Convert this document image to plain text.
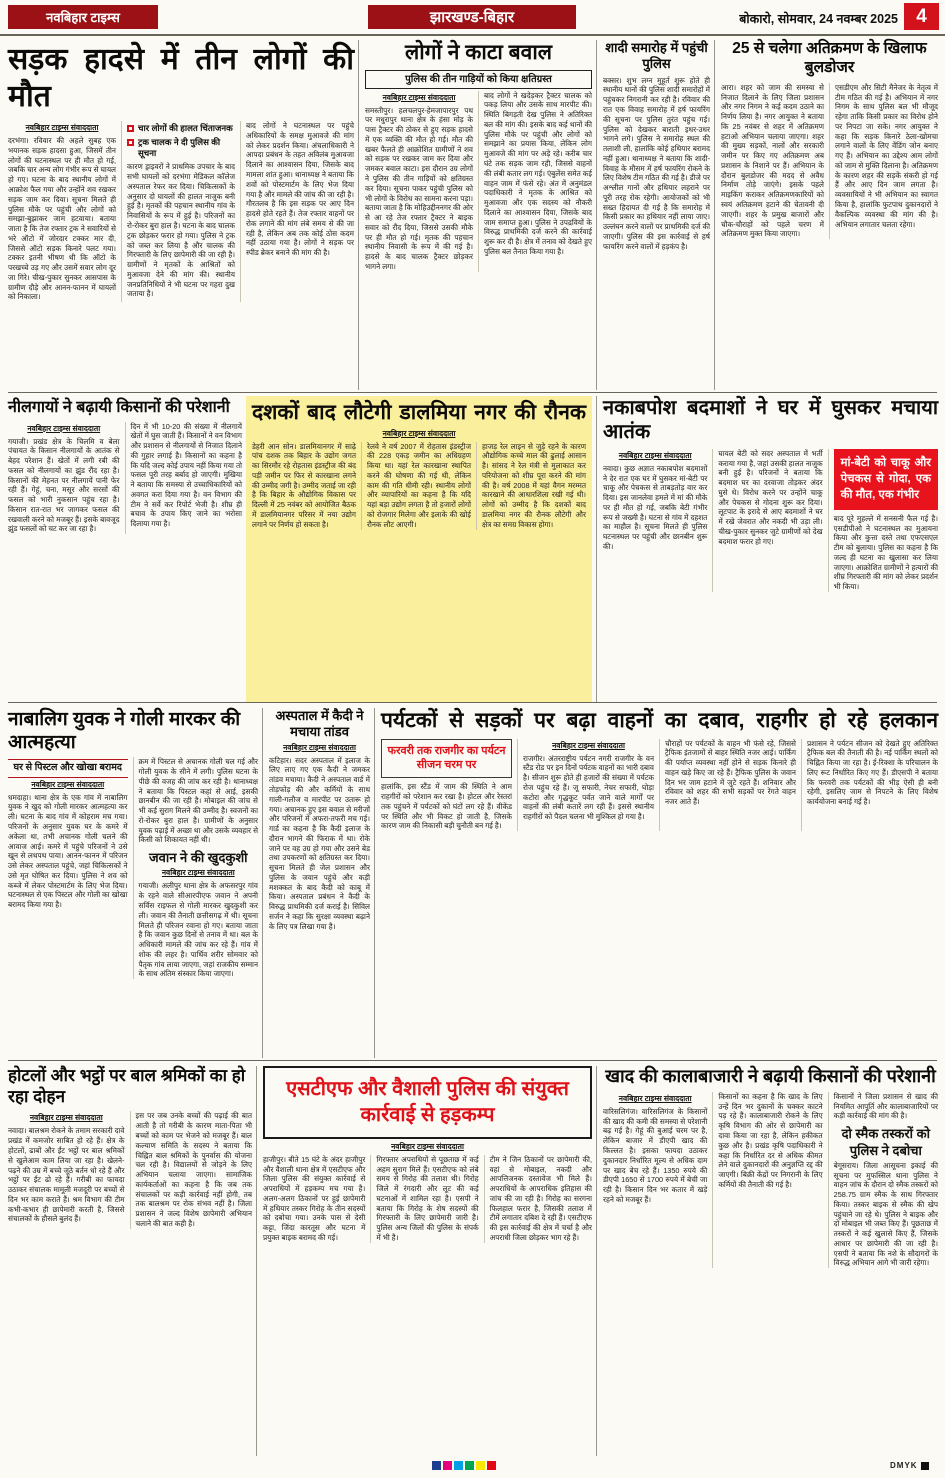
नवबिहार टाइम्स	झारखण्ड-बिहार	बोकारो, सोमवार, 24 नवम्बर 2025 4
सड़क हादसे में तीन लोगों की मौत
नवबिहार टाइम्स संवाददाता

दरभंगा। रविवार की अहले सुबह एक भयानक सड़क हादसा हुआ, जिसमें तीन लोगों की घटनास्थल पर ही मौत हो गई, जबकि चार अन्य लोग गंभीर रूप से घायल हो गए। घटना के बाद स्थानीय लोगों में आक्रोश फैल गया और उन्होंने शव रखकर सड़क जाम कर दिया। सूचना मिलते ही पुलिस मौके पर पहुंची और लोगों को समझा-बुझाकर जाम हटवाया। बताया जाता है कि तेज रफ्तार ट्रक ने सवारियों से भरे ऑटो में जोरदार टक्कर मार दी, जिससे ऑटो सड़क किनारे पलट गया। टक्कर इतनी भीषण थी कि ऑटो के परखच्चे उड़ गए और उसमें सवार लोग दूर जा गिरे। चीख-पुकार सुनकर आसपास के ग्रामीण दौड़े और आनन-फानन में घायलों को निकाला।

चार लोगों की हालत चिंताजनक
ट्रक चालक ने दी पुलिस की सूचना

कारण ड्राइवरों ने प्राथमिक उपचार के बाद सभी घायलों को दरभंगा मेडिकल कॉलेज अस्पताल रेफर कर दिया। चिकित्सकों के अनुसार दो घायलों की हालत नाजुक बनी हुई है। मृतकों की पहचान स्थानीय गांव के निवासियों के रूप में हुई है। परिजनों का रो-रोकर बुरा हाल है। घटना के बाद चालक ट्रक छोड़कर फरार हो गया। पुलिस ने ट्रक को जब्त कर लिया है और चालक की गिरफ्तारी के लिए छापेमारी की जा रही है। ग्रामीणों ने मृतकों के आश्रितों को मुआवजा देने की मांग की। स्थानीय जनप्रतिनिधियों ने भी घटना पर गहरा दुख जताया है।

बाद लोगों ने घटनास्थल पर पहुंचे अधिकारियों के समक्ष मुआवजे की मांग को लेकर प्रदर्शन किया। अंचलाधिकारी ने आपदा प्रबंधन के तहत अविलंब मुआवजा दिलाने का आश्वासन दिया, जिसके बाद मामला शांत हुआ। थानाध्यक्ष ने बताया कि शवों को पोस्टमार्टम के लिए भेज दिया गया है और मामले की जांच की जा रही है। गौरतलब है कि इस सड़क पर आए दिन हादसे होते रहते हैं। तेज रफ्तार वाहनों पर रोक लगाने की मांग लंबे समय से की जा रही है, लेकिन अब तक कोई ठोस कदम नहीं उठाया गया है। लोगों ने सड़क पर स्पीड ब्रेकर बनाने की मांग की है।

लोगों ने काटा बवाल
पुलिस की तीन गाड़ियों को किया क्षतिग्रस्त
नवबिहार टाइम्स संवाददाता

समस्तीपुर। हलचलपुर-हेमजापारपुर पथ पर मधुरापुर थाना क्षेत्र के हंसा मोड़ के पास ट्रैक्टर की ठोकर से हुए सड़क हादसे में एक व्यक्ति की मौत हो गई। मौत की खबर फैलते ही आक्रोशित ग्रामीणों ने शव को सड़क पर रखकर जाम कर दिया और जमकर बवाल काटा। इस दौरान उग्र लोगों ने पुलिस की तीन गाड़ियों को क्षतिग्रस्त कर दिया। सूचना पाकर पहुंची पुलिस को भी लोगों के विरोध का सामना करना पड़ा। बताया जाता है कि मोहिउद्दीननगर की ओर से आ रहे तेज रफ्तार ट्रैक्टर ने बाइक सवार को रौंद दिया, जिससे उसकी मौके पर ही मौत हो गई। मृतक की पहचान स्थानीय निवासी के रूप में की गई है। हादसे के बाद चालक ट्रैक्टर छोड़कर भागने लगा।

बाद लोगों ने खदेड़कर ट्रैक्टर चालक को पकड़ लिया और उसके साथ मारपीट की। स्थिति बिगड़ती देख पुलिस ने अतिरिक्त बल की मांग की। इसके बाद कई थानों की पुलिस मौके पर पहुंची और लोगों को समझाने का प्रयास किया, लेकिन लोग मुआवजे की मांग पर अड़े रहे। करीब चार घंटे तक सड़क जाम रही, जिससे वाहनों की लंबी कतार लग गई। एंबुलेंस समेत कई वाहन जाम में फंसे रहे। अंत में अनुमंडल पदाधिकारी ने मृतक के आश्रित को मुआवजा और एक सदस्य को नौकरी दिलाने का आश्वासन दिया, जिसके बाद जाम समाप्त हुआ। पुलिस ने उपद्रवियों के विरुद्ध प्राथमिकी दर्ज करने की कार्रवाई शुरू कर दी है। क्षेत्र में तनाव को देखते हुए पुलिस बल तैनात किया गया है।

शादी समारोह में पहुंची पुलिस

बक्सर। शुभ लग्न मुहूर्त शुरू होते ही स्थानीय थानों की पुलिस शादी समारोहों में पहुंचकर निगरानी कर रही है। रविवार की रात एक विवाह समारोह में हर्ष फायरिंग की सूचना पर पुलिस तुरंत पहुंच गई। पुलिस को देखकर बाराती इधर-उधर भागने लगे। पुलिस ने समारोह स्थल की तलाशी ली, हालांकि कोई हथियार बरामद नहीं हुआ। थानाध्यक्ष ने बताया कि शादी-विवाह के मौसम में हर्ष फायरिंग रोकने के लिए विशेष टीम गठित की गई है। डीजे पर अश्लील गानों और हथियार लहराने पर पूरी तरह रोक रहेगी। आयोजकों को भी सख्त हिदायत दी गई है कि समारोह में किसी प्रकार का हथियार नहीं लाया जाए। उल्लंघन करने वालों पर प्राथमिकी दर्ज की जाएगी। पुलिस की इस कार्रवाई से हर्ष फायरिंग करने वालों में हड़कंप है।

25 से चलेगा अतिक्रमण के खिलाफ बुलडोजर

आरा। शहर को जाम की समस्या से निजात दिलाने के लिए जिला प्रशासन और नगर निगम ने कई कदम उठाने का निर्णय लिया है। नगर आयुक्त ने बताया कि 25 नवंबर से शहर में अतिक्रमण हटाओ अभियान चलाया जाएगा। शहर की मुख्य सड़कों, नालों और सरकारी जमीन पर किए गए अतिक्रमण अब प्रशासन के निशाने पर हैं। अभियान के दौरान बुलडोजर की मदद से अवैध निर्माण तोड़े जाएंगे। इसके पहले माइकिंग कराकर अतिक्रमणकारियों को स्वयं अतिक्रमण हटाने की चेतावनी दी जाएगी। शहर के प्रमुख बाजारों और चौक-चौराहों को पहले चरण में अतिक्रमण मुक्त किया जाएगा।

एसडीएम और सिटी मैनेजर के नेतृत्व में टीम गठित की गई है। अभियान में नगर निगम के साथ पुलिस बल भी मौजूद रहेगा ताकि किसी प्रकार का विरोध होने पर निपटा जा सके। नगर आयुक्त ने कहा कि सड़क किनारे ठेला-खोमचा लगाने वालों के लिए वेंडिंग जोन बनाए गए हैं। अभियान का उद्देश्य आम लोगों को जाम से मुक्ति दिलाना है। अतिक्रमण के कारण शहर की सड़कें संकरी हो गई हैं और आए दिन जाम लगता है। व्यवसायियों ने भी अभियान का स्वागत किया है, हालांकि फुटपाथ दुकानदारों ने वैकल्पिक व्यवस्था की मांग की है। अभियान लगातार चलता रहेगा।

नीलगायों ने बढ़ायी किसानों की परेशानी
नवबिहार टाइम्स संवाददाता

गयाजी। प्रखंड क्षेत्र के चिलमि व बेला पंचायत के किसान नीलगायों के आतंक से बेहद परेशान हैं। खेतों में लगी रबी की फसल को नीलगायों का झुंड रौंद रहा है। किसानों की मेहनत पर नीलगायें पानी फेर रही हैं। गेहूं, चना, मसूर और सरसों की फसल को भारी नुकसान पहुंच रहा है। किसान रात-रात भर जागकर फसल की रखवाली करने को मजबूर हैं। इसके बावजूद झुंड फसलों को चट कर जा रहा है।

दिन में भी 10-20 की संख्या में नीलगायें खेतों में घुस जाती हैं। किसानों ने वन विभाग और प्रशासन से नीलगायों से निजात दिलाने की गुहार लगाई है। किसानों का कहना है कि यदि जल्द कोई उपाय नहीं किया गया तो फसल पूरी तरह बर्बाद हो जाएगी। मुखिया ने बताया कि समस्या से उच्चाधिकारियों को अवगत करा दिया गया है। वन विभाग की टीम ने सर्वे कर रिपोर्ट भेजी है। शीघ्र ही बचाव के उपाय किए जाने का भरोसा दिलाया गया है।

दशकों बाद लौटेगी डालमिया नगर की रौनक
नवबिहार टाइम्स संवाददाता

डेहरी आन सोन। डालमियानगर में साढ़े पांच दशक तक बिहार के उद्योग जगत का सिरमौर रहे रोहतास इंडस्ट्रीज की बंद पड़ी जमीन पर फिर से कारखाना लगने की उम्मीद जगी है। उम्मीद जताई जा रही है कि बिहार के औद्योगिक विकास पर दिल्ली में 25 नवंबर को आयोजित बैठक में डालमियानगर परिसर में नया उद्योग लगाने पर निर्णय हो सकता है।

रेलवे ने वर्ष 2007 में रोहतास इंडस्ट्रीज की 228 एकड़ जमीन का अधिग्रहण किया था। यहां रेल कारखाना स्थापित करने की घोषणा की गई थी, लेकिन काम की गति धीमी रही। स्थानीय लोगों और व्यापारियों का कहना है कि यदि यहां बड़ा उद्योग लगता है तो हजारों लोगों को रोजगार मिलेगा और इलाके की खोई रौनक लौट आएगी।

हाजड़ रेल लाइन से जुड़े रहने के कारण औद्योगिक कच्चे माल की ढुलाई आसान है। सांसद ने रेल मंत्री से मुलाकात कर परियोजना को शीघ्र पूरा करने की मांग की है। वर्ष 2008 में यहां वैगन मरम्मत कारखाने की आधारशिला रखी गई थी। लोगों को उम्मीद है कि दशकों बाद डालमिया नगर की रौनक लौटेगी और क्षेत्र का समग्र विकास होगा।

नकाबपोश बदमाशों ने घर में घुसकर मचाया आतंक
नवबिहार टाइम्स संवाददाता

नवादा। कुछ अज्ञात नकाबपोश बदमाशों ने देर रात एक घर में घुसकर मां-बेटी पर चाकू और पेचकस से ताबड़तोड़ वार कर दिया। इस जानलेवा हमले में मां की मौके पर ही मौत हो गई, जबकि बेटी गंभीर रूप से जख्मी है। घटना से गांव में दहशत का माहौल है। सूचना मिलते ही पुलिस घटनास्थल पर पहुंची और छानबीन शुरू की।

घायल बेटी को सदर अस्पताल में भर्ती कराया गया है, जहां उसकी हालत नाजुक बनी हुई है। परिजनों ने बताया कि बदमाश घर का दरवाजा तोड़कर अंदर घुसे थे। विरोध करने पर उन्होंने चाकू और पेचकस से गोदना शुरू कर दिया। लूटपाट के इरादे से आए बदमाशों ने घर में रखे जेवरात और नकदी भी उड़ा ली। चीख-पुकार सुनकर जुटे ग्रामीणों को देख बदमाश फरार हो गए।

मां-बेटी को चाकू और पेचकस से गोदा, एक की मौत, एक गंभीर

बाद पूरे मुहल्ले में सनसनी फैल गई है। एसडीपीओ ने घटनास्थल का मुआयना किया और कुत्ता दस्ते तथा एफएसएल टीम को बुलाया। पुलिस का कहना है कि जल्द ही घटना का खुलासा कर लिया जाएगा। आक्रोशित ग्रामीणों ने हत्यारों की शीघ्र गिरफ्तारी की मांग को लेकर प्रदर्शन भी किया।

नाबालिग युवक ने गोली मारकर की आत्महत्या
घर से पिस्टल और खोखा बरामद
नवबिहार टाइम्स संवाददाता

धमदाहा। थाना क्षेत्र के एक गांव में नाबालिग युवक ने खुद को गोली मारकर आत्महत्या कर ली। घटना के बाद गांव में कोहराम मच गया। परिजनों के अनुसार युवक घर के कमरे में अकेला था, तभी अचानक गोली चलने की आवाज आई। कमरे में पहुंचे परिजनों ने उसे खून से लथपथ पाया। आनन-फानन में परिजन उसे लेकर अस्पताल पहुंचे, जहां चिकित्सकों ने उसे मृत घोषित कर दिया। पुलिस ने शव को कब्जे में लेकर पोस्टमार्टम के लिए भेज दिया। घटनास्थल से एक पिस्टल और गोली का खोखा बरामद किया गया है।

क्रम में पिस्टल से अचानक गोली चल गई और गोली युवक के सीने में लगी। पुलिस घटना के पीछे की वजह की जांच कर रही है। थानाध्यक्ष ने बताया कि पिस्टल कहां से आई, इसकी छानबीन की जा रही है। मोबाइल की जांच से भी कई सुराग मिलने की उम्मीद है। स्वजनों का रो-रोकर बुरा हाल है। ग्रामीणों के अनुसार युवक पढ़ाई में अच्छा था और उसके व्यवहार से किसी को शिकायत नहीं थी।

जवान ने की खुदकुशी
नवबिहार टाइम्स संवाददाता

गयाजी। अलीपुर थाना क्षेत्र के अफसरपुर गांव के रहने वाले सीआरपीएफ जवान ने अपनी सर्विस राइफल से गोली मारकर खुदकुशी कर ली। जवान की तैनाती छत्तीसगढ़ में थी। सूचना मिलते ही परिजन रवाना हो गए। बताया जाता है कि जवान कुछ दिनों से तनाव में था। बल के अधिकारी मामले की जांच कर रहे हैं। गांव में शोक की लहर है। पार्थिव शरीर सोमवार को पैतृक गांव लाया जाएगा, जहां राजकीय सम्मान के साथ अंतिम संस्कार किया जाएगा।

अस्पताल में कैदी ने मचाया तांडव
नवबिहार टाइम्स संवाददाता

कटिहार। सदर अस्पताल में इलाज के लिए लाए गए एक कैदी ने जमकर तांडव मचाया। कैदी ने अस्पताल वार्ड में तोड़फोड़ की और कर्मियों के साथ गाली-गलौज व मारपीट पर उतारू हो गया। अचानक हुए इस बवाल से मरीजों और परिजनों में अफरा-तफरी मच गई। गार्ड का कहना है कि कैदी इलाज के दौरान भागने की फिराक में था। रोके जाने पर वह उग्र हो गया और उसने बेड तथा उपकरणों को क्षतिग्रस्त कर दिया। सूचना मिलते ही जेल प्रशासन और पुलिस के जवान पहुंचे और कड़ी मशक्कत के बाद कैदी को काबू में किया। अस्पताल प्रबंधन ने कैदी के विरुद्ध प्राथमिकी दर्ज कराई है। सिविल सर्जन ने कहा कि सुरक्षा व्यवस्था बढ़ाने के लिए पत्र लिखा गया है।

पर्यटकों से सड़कों पर बढ़ा वाहनों का दबाव, राहगीर हो रहे हलकान
फरवरी तक राजगीर का पर्यटन सीजन चरम पर

हालांकि, इस स्टैंड में जाम की स्थिति ने आम राहगीरों को परेशान कर रखा है। होटल और रेस्तरां तक पहुंचने में पर्यटकों को घंटों लग रहे हैं। वीकेंड पर स्थिति और भी विकट हो जाती है, जिसके कारण जाम की निकासी बड़ी चुनौती बन गई है।

नवबिहार टाइम्स संवाददाता

राजगीर। अंतरराष्ट्रीय पर्यटन नगरी राजगीर के वन स्टैंड रोड पर इन दिनों पर्यटक वाहनों का भारी दबाव है। सीजन शुरू होते ही हजारों की संख्या में पर्यटक रोज पहुंच रहे हैं। जू सफारी, नेचर सफारी, घोड़ा कटोरा और गृद्धकूट पर्वत जाने वाले मार्गों पर वाहनों की लंबी कतारें लग रही हैं। इससे स्थानीय राहगीरों को पैदल चलना भी मुश्किल हो गया है।

चौराहों पर पर्यटकों के वाहन भी फंसे रहे, जिससे ट्रैफिक इंतजामों से बाहर स्थिति नजर आई। पार्किंग की पर्याप्त व्यवस्था नहीं होने से सड़क किनारे ही वाहन खड़े किए जा रहे हैं। ट्रैफिक पुलिस के जवान दिन भर जाम हटाने में जुटे रहते हैं। शनिवार और रविवार को शहर की सभी सड़कों पर रेंगते वाहन नजर आते हैं।

प्रशासन ने पर्यटन सीजन को देखते हुए अतिरिक्त ट्रैफिक बल की तैनाती की है। नई पार्किंग स्थलों को चिह्नित किया जा रहा है। ई-रिक्शा के परिचालन के लिए रूट निर्धारित किए गए हैं। डीएसपी ने बताया कि फरवरी तक पर्यटकों की भीड़ ऐसी ही बनी रहेगी, इसलिए जाम से निपटने के लिए विशेष कार्ययोजना बनाई गई है।

होटलों और भट्ठों पर बाल श्रमिकों का हो रहा दोहन
नवबिहार टाइम्स संवाददाता

नवादा। बालश्रम रोकने के तमाम सरकारी दावे प्रखंड में कमजोर साबित हो रहे हैं। क्षेत्र के होटलों, ढाबों और ईंट भट्ठों पर बाल श्रमिकों से खुलेआम काम लिया जा रहा है। खेलने-पढ़ने की उम्र में बच्चे जूठे बर्तन धो रहे हैं और भट्ठों पर ईंट ढो रहे हैं। गरीबी का फायदा उठाकर संचालक मामूली मजदूरी पर बच्चों से दिन भर काम कराते हैं। श्रम विभाग की टीम कभी-कभार ही छापेमारी करती है, जिससे संचालकों के हौसले बुलंद हैं।

इस पर जब उनके बच्चों की पढ़ाई की बात आती है तो गरीबी के कारण माता-पिता भी बच्चों को काम पर भेजने को मजबूर हैं। बाल कल्याण समिति के सदस्य ने बताया कि चिह्नित बाल श्रमिकों के पुनर्वास की योजना चल रही है। विद्यालयों से जोड़ने के लिए अभियान चलाया जाएगा। सामाजिक कार्यकर्ताओं का कहना है कि जब तक संचालकों पर कड़ी कार्रवाई नहीं होगी, तब तक बालश्रम पर रोक संभव नहीं है। जिला प्रशासन ने जल्द विशेष छापेमारी अभियान चलाने की बात कही है।

एसटीएफ और वैशाली पुलिस की संयुक्त कार्रवाई से हड़कम्प
नवबिहार टाइम्स संवाददाता

हाजीपुर। बीते 15 घंटे के अंदर हाजीपुर और वैशाली थाना क्षेत्र में एसटीएफ और जिला पुलिस की संयुक्त कार्रवाई से अपराधियों में हड़कम्प मच गया है। अलग-अलग ठिकानों पर हुई छापेमारी में हथियार तस्कर गिरोह के तीन सदस्यों को दबोचा गया। उनके पास से देसी कट्टा, जिंदा कारतूस और घटना में प्रयुक्त बाइक बरामद की गई।

गिरफ्तार अपराधियों से पूछताछ में कई अहम सुराग मिले हैं। एसटीएफ को लंबे समय से गिरोह की तलाश थी। गिरोह जिले में रंगदारी और लूट की कई घटनाओं में शामिल रहा है। एसपी ने बताया कि गिरोह के शेष सदस्यों की गिरफ्तारी के लिए छापेमारी जारी है। पुलिस अन्य जिलों की पुलिस के संपर्क में भी है।

टीम ने जिन ठिकानों पर छापेमारी की, वहां से मोबाइल, नकदी और आपत्तिजनक दस्तावेज भी मिले हैं। अपराधियों के आपराधिक इतिहास की जांच की जा रही है। गिरोह का सरगना फिलहाल फरार है, जिसकी तलाश में टीमें लगातार दबिश दे रही हैं। एसटीएफ की इस कार्रवाई की क्षेत्र में चर्चा है और अपराधी जिला छोड़कर भाग रहे हैं।

खाद की कालाबाजारी ने बढ़ायी किसानों की परेशानी
नवबिहार टाइम्स संवाददाता

वारिसलिगंज। वारिसलिगंज के किसानों की खाद की कमी की समस्या से परेशानी बढ़ गई है। गेहूं की बुआई चरम पर है, लेकिन बाजार में डीएपी खाद की किल्लत है। इसका फायदा उठाकर दुकानदार निर्धारित मूल्य से अधिक दाम पर खाद बेच रहे हैं। 1350 रुपये की डीएपी 1650 से 1700 रुपये में बेची जा रही है। किसान दिन भर कतार में खड़े रहने को मजबूर हैं।

किसानों का कहना है कि खाद के लिए उन्हें दिन भर दुकानों के चक्कर काटने पड़ रहे हैं। कालाबाजारी रोकने के लिए कृषि विभाग की ओर से छापेमारी का दावा किया जा रहा है, लेकिन हकीकत कुछ और है। प्रखंड कृषि पदाधिकारी ने कहा कि निर्धारित दर से अधिक कीमत लेने वाले दुकानदारों की अनुज्ञप्ति रद्द की जाएगी। बिक्री केंद्रों पर निगरानी के लिए कर्मियों की तैनाती की गई है।

किसानों ने जिला प्रशासन से खाद की नियमित आपूर्ति और कालाबाजारियों पर कड़ी कार्रवाई की मांग की है।

दो स्मैक तस्करों को पुलिस ने दबोचा

बेगूसराय। जिला आसूचना इकाई की सूचना पर मुफस्सिल थाना पुलिस ने वाहन जांच के दौरान दो स्मैक तस्करों को 258.75 ग्राम स्मैक के साथ गिरफ्तार किया। तस्कर बाइक से स्मैक की खेप पहुंचाने जा रहे थे। पुलिस ने बाइक और दो मोबाइल भी जब्त किए हैं। पूछताछ में तस्करों ने कई खुलासे किए हैं, जिसके आधार पर छापेमारी की जा रही है। एसपी ने बताया कि नशे के सौदागरों के विरुद्ध अभियान आगे भी जारी रहेगा।

DMYK
